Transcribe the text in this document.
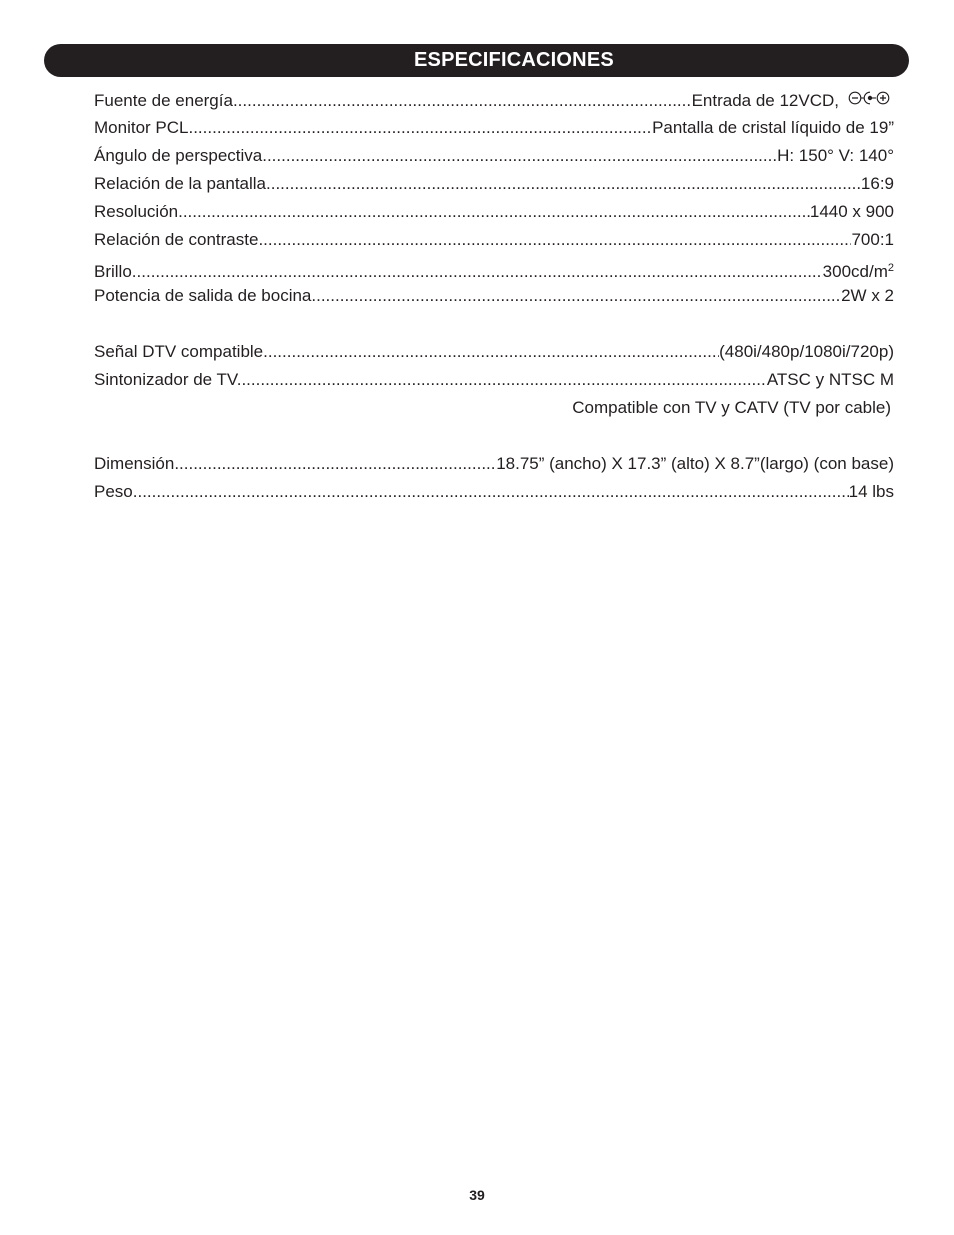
ESPECIFICACIONES
Fuente de energía .....	Entrada de 12VCD,
Monitor PCL .....	Pantalla de cristal líquido de 19”
Ángulo de perspectiva .....	H: 150° V: 140°
Relación de la pantalla .....	16:9
Resolución .....	1440 x 900
Relación de contraste .....	700:1
Brillo .....	$300cd/m^2$
Potencia de salida de bocina .....	2W x 2
Señal DTV compatible .....	(480i/480p/1080i/720p)
Sintonizador de TV. .....	ATSC y NTSC M
Compatible con TV y CATV (TV por cable)
Dimensión .....	18.75” (ancho) X 17.3” (alto) X 8.7”(largo) (con base)
Peso .....	14 lbs
39
